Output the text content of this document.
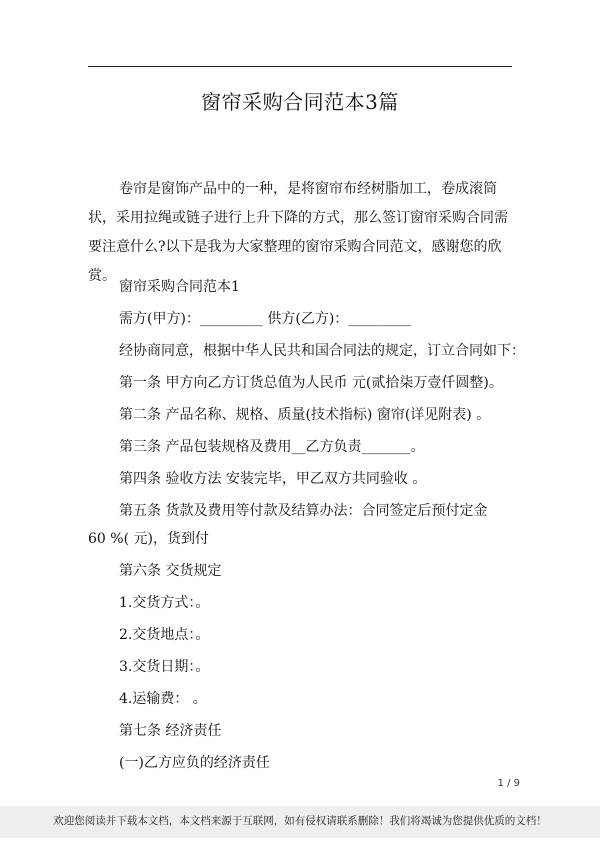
窗帘采购合同范本3篇

卷帘是窗饰产品中的一种，是将窗帘布经树脂加工，卷成滚筒状，采用拉绳或链子进行上升下降的方式，那么签订窗帘采购合同需要注意什么?以下是我为大家整理的窗帘采购合同范文，感谢您的欣赏。

窗帘采购合同范本1
需方(甲方)：_________ 供方(乙方)：_________
经协商同意，根据中华人民共和国合同法的规定，订立合同如下：
第一条 甲方向乙方订货总值为人民币 元(贰拾柒万壹仟圆整)。
第二条 产品名称、规格、质量(技术指标) 窗帘(详见附表) 。
第三条 产品包装规格及费用__乙方负责_______。
第四条 验收方法 安装完毕，甲乙双方共同验收 。
第五条 货款及费用等付款及结算办法：合同签定后预付定金
60 %( 元)，货到付
第六条 交货规定
1.交货方式：。
2.交货地点：。
3.交货日期：。
4.运输费： 。
第七条 经济责任
(一)乙方应负的经济责任
1 / 9
欢迎您阅读并下载本文档，本文档来源于互联网，如有侵权请联系删除！我们将竭诚为您提供优质的文档！
